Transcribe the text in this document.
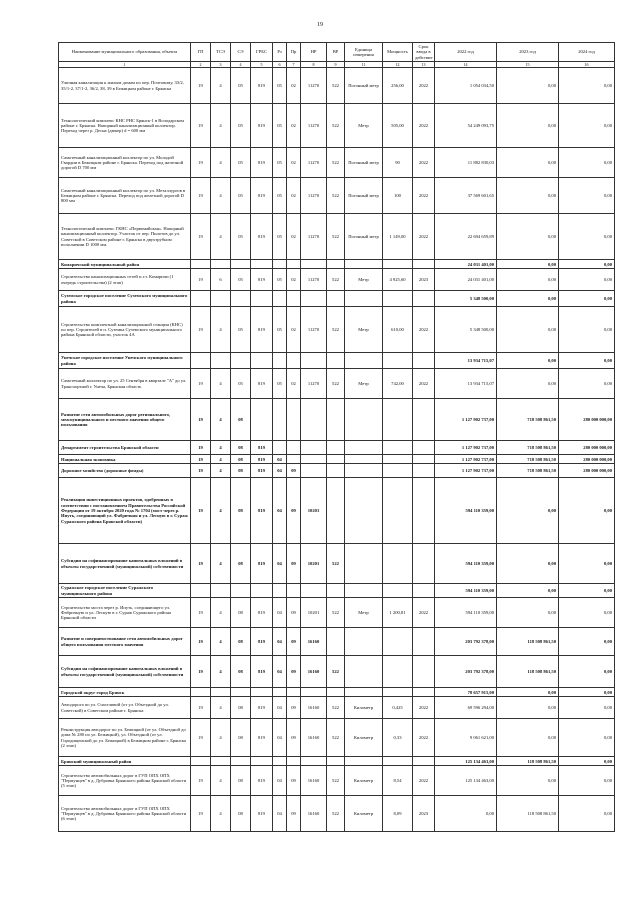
19
Наименование муниципального образования, объекта	ГП	ТСЭ	СЭ	ГРБС	Рз	Пр	НР	ВР	Единица измерения	Мощность	Срок ввода в действие	2022 год	2023 год	2024 год
1	2	3	4	5	6	7	8	9	11	12	13	14	15	16
Уличная канализация к жилым домам по пер. Почтовому, 33/2, 35/1-2, 37/1-2, 36/2, 38, 39 в Бежицком районе г. Брянска	19	4	05	819	05	02	11270	522	Погонный метр	256,00	2022	1 054 034,50	0,00	0,00
Технологический комплекс КНС РНС Брянск-1 в Володарском районе г. Брянска. Напорный канализационный коллектор. Переход через р. Десна (дюкер) d = 600 мм	19	4	05	819	05	02	11270	522	Метр	505,00	2022	54 249 093,75	0,00	0,00
Самотечный канализационный коллектор по ул. Молодой Гвардии в Бежицком районе г. Брянска. Переход под железной дорогой D 700 мм	19	4	05	819	05	02	11270	522	Погонный метр	90	2022	11 882 830,03	0,00	0,00
Самотечный канализационный коллектор по ул. Металлургов в Бежицком районе г. Брянска. Переход под железной дорогой D 800 мм	19	4	05	819	05	02	11270	522	Погонный метр	100	2022	37 569 601,65	0,00	0,00
Технологический комплекс ГКНС «Первомайская». Напорный канализационный коллектор. Участок от пер. Пилотов до ул. Советской в Советском районе г. Брянска в двухтрубном исполнении D 1000 мм.	19	4	05	819	05	02	11270	522	Погонный метр	1 149,00	2022	22 694 659,89	0,00	0,00
Комаричский муниципальный район												24 031 401,00	0,00	0,00
Строительство канализационных сетей п.г.т. Комаричи (1 очередь строительства) (2 этап)	19	6	05	819	05	02	11270	522	Метр	4 925,60	2023	24 031 401,00	0,00	0,00
Суземское городское поселение Суземского муниципального района												5 348 500,00	0,00	0,00
Строительство комплектной канализационной станции (КНС) по пер. Строителей в п. Суземка Суземского муниципального района Брянской области, участок 4А	19	4	05	819	05	02	11270	522	Метр	610,00	2022	5 348 500,00	0,00	0,00
Унечское городское поселение Унечского муниципального района												13 934 715,07	0,00	0,00
Самотечный коллектор по ул. 25 Сентября в квартале "А" до ул. Транспортной г. Унеча, Брянская область	19	4	05	819	05	02	11270	522	Метр	742,00	2022	13 934 715,07	0,00	0,00
Развитие сети автомобильных дорог регионального, межмуниципального и местного значения общего пользования	19	4	08									1 127 902 737,00	718 508 861,50	280 000 000,00
Департамент строительства Брянской области	19	4	08	819								1 127 902 737,00	718 508 861,50	280 000 000,00
Национальная экономика	19	4	08	819	04							1 127 902 737,00	718 508 861,50	280 000 000,00
Дорожное хозяйство (дорожные фонды)	19	4	08	819	04	09						1 127 902 737,00	718 508 861,50	280 000 000,00
Реализация инвестиционных проектов, одобренных в соответствии с постановлением Правительства Российской Федерации от 19 октября 2020 года № 1704 (мост через р. Ипуть, соединяющий ул. Фабричная и ул. Лесную в г. Сураж Суражского района Брянской области)	19	4	08	819	04	09	10201					594 110 359,00	0,00	0,00
Субсидии на софинансирование капитальных вложений в объекты государственной (муниципальной) собственности	19	4	08	819	04	09	10201	522				594 110 359,00	0,00	0,00
Суражское городское поселение Суражского муниципального района												594 110 359,00	0,00	0,00
Строительство моста через р. Ипуть, соединяющего ул. Фабричную и ул. Лесную в г. Сураж Суражского района Брянской области	19	4	08	819	04	09	10201	522	Метр	1 200,81	2022	594 110 359,00	0,00	0,00
Развитие и совершенствование сети автомобильных дорог общего пользования местного значения	19	4	08	819	04	09	16160					203 792 378,00	118 508 861,50	0,00
Субсидии на софинансирование капитальных вложений в объекты государственной (муниципальной) собственности	19	4	08	819	04	09	16160	522				203 792 378,00	118 508 861,50	0,00
Городской округ город Брянск												78 657 915,00	0,00	0,00
Автодорога по ул. Счастливой (от ул. Объездной до ул. Советской) в Советском районе г. Брянска	19	4	08	819	04	09	16160	522	Километр	0,425	2022	69 596 294,00	0,00	0,00
Реконструкция автодорог по ул. Бежицкой (от ул. Объездной до дома № 280 по ул. Бежицкой), ул. Объездной (от ул. Городищенской до ул. Бежицкой) в Бежицком районе г. Брянска (2 этап)	19	4	08	819	04	09	16160	522	Километр	0,33	2022	9 061 621,00	0,00	0,00
Брянский муниципальный район												125 134 463,00	118 508 861,50	0,00
Строительство автомобильных дорог в ГУП ОПХ ОПХ "Пермунцев" в д. Дубровка Брянского района Брянской области (5 этап)	19	4	08	819	04	09	16160	522	Километр	8,54	2022	125 134 463,00	0,00	0,00
Строительство автомобильных дорог в ГУП ОПХ ОПХ "Пермунцев" в д. Дубровка Брянского района Брянской области (6 этап)	19	4	08	819	04	09	16160	522	Километр	8,09	2023	0,00	118 508 861,50	0,00
